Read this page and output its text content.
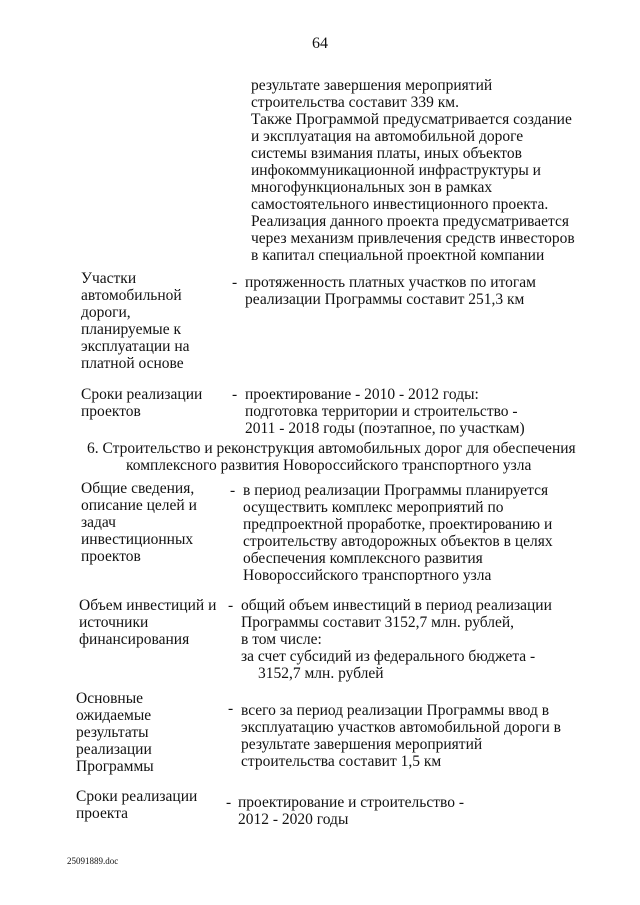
64
результате завершения мероприятий
строительства составит 339 км.
Также Программой предусматривается создание
и эксплуатация на автомобильной дороге
системы взимания платы, иных объектов
инфокоммуникационной инфраструктуры и
многофункциональных зон в рамках
самостоятельного инвестиционного проекта.
Реализация данного проекта предусматривается
через механизм привлечения средств инвесторов
в капитал специальной проектной компании
Участки
автомобильной
дороги,
планируемые к
эксплуатации на
платной основе
- протяженность платных участков по итогам
реализации Программы составит 251,3 км
Сроки реализации
проектов
- проектирование - 2010 - 2012 годы:
подготовка территории и строительство -
2011 - 2018 годы (поэтапное, по участкам)
6. Строительство и реконструкция автомобильных дорог для обеспечения
комплексного развития Новороссийского транспортного узла
Общие сведения,
описание целей и
задач
инвестиционных
проектов
- в период реализации Программы планируется
осуществить комплекс мероприятий по
предпроектной проработке, проектированию и
строительству автодорожных объектов в целях
обеспечения комплексного развития
Новороссийского транспортного узла
Объем инвестиций и
источники
финансирования
- общий объем инвестиций в период реализации
Программы составит 3152,7 млн. рублей,
в том числе:
за счет субсидий из федерального бюджета -
3152,7 млн. рублей
Основные
ожидаемые
результаты
реализации
Программы
- всего за период реализации Программы ввод в
эксплуатацию участков автомобильной дороги в
результате завершения мероприятий
строительства составит 1,5 км
Сроки реализации
проекта
- проектирование и строительство -
2012 - 2020 годы
25091889.doc
